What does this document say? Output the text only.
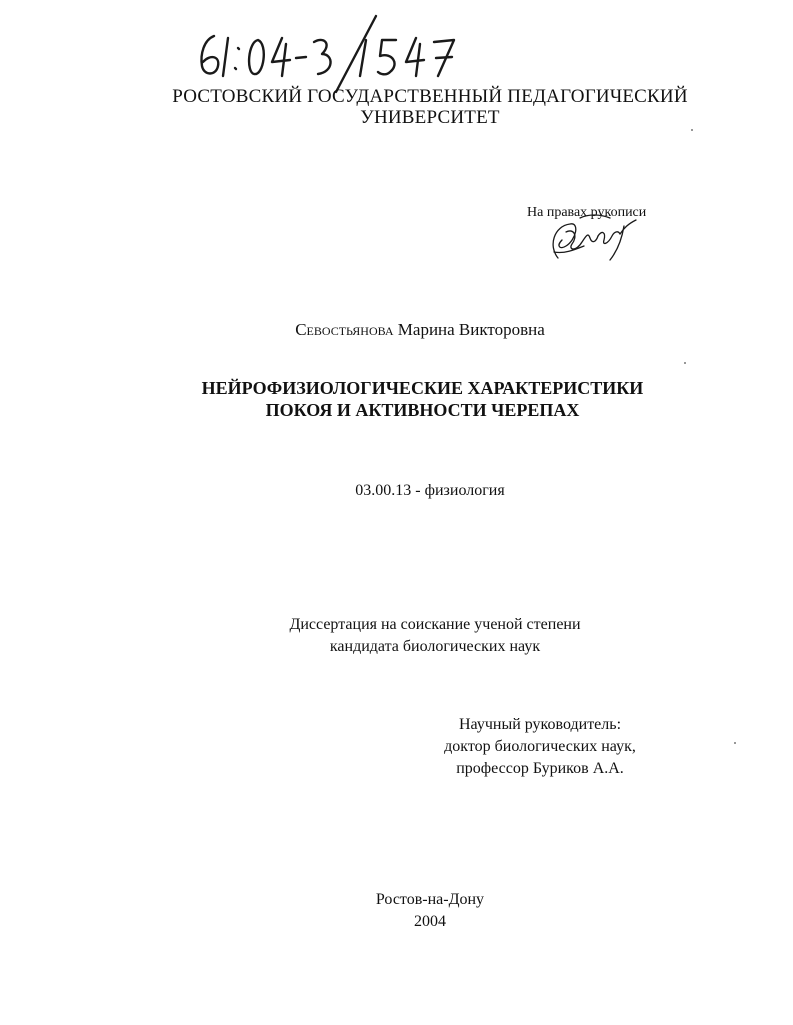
РОСТОВСКИЙ ГОСУДАРСТВЕННЫЙ ПЕДАГОГИЧЕСКИЙ
УНИВЕРСИТЕТ
На правах рукописи
Севостьянова Марина Викторовна
НЕЙРОФИЗИОЛОГИЧЕСКИЕ ХАРАКТЕРИСТИКИ
ПОКОЯ И АКТИВНОСТИ ЧЕРЕПАХ
03.00.13 - физиология
Диссертация на соискание ученой степени
кандидата биологических наук
Научный руководитель:
доктор биологических наук,
профессор Буриков А.А.
Ростов-на-Дону
2004
